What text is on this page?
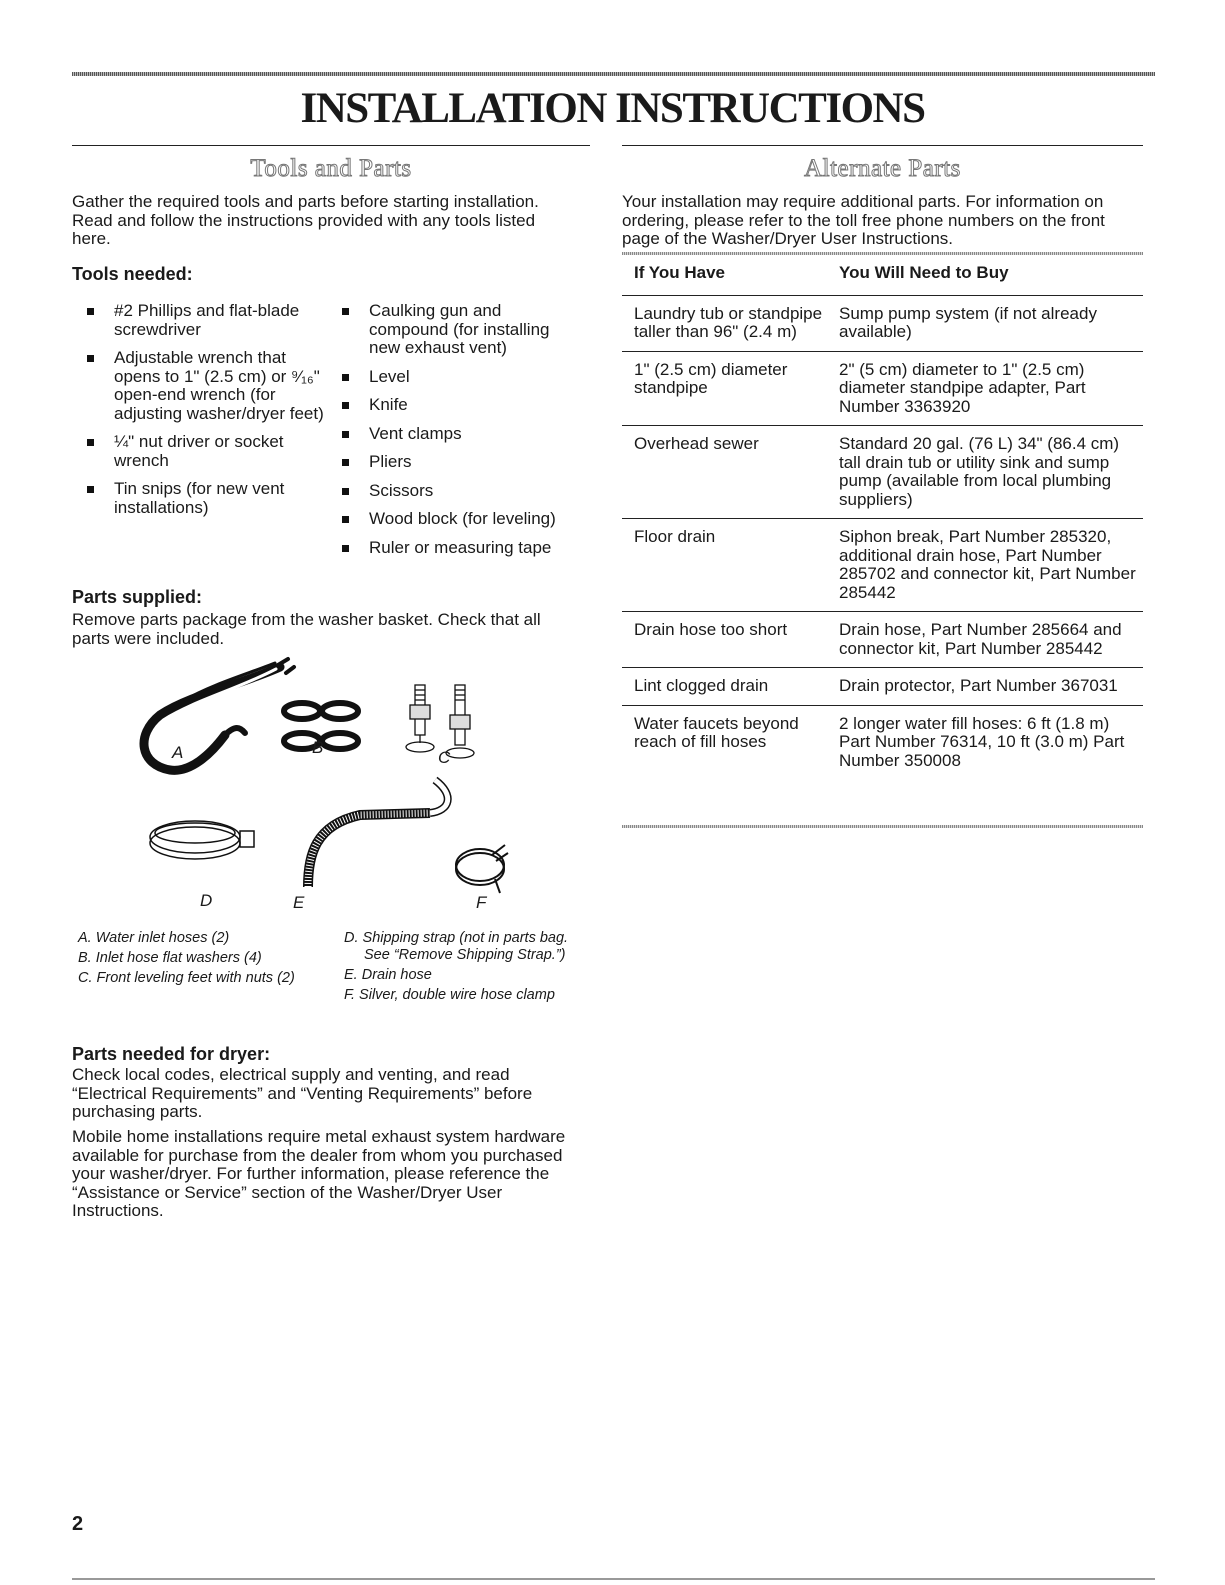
INSTALLATION INSTRUCTIONS
Tools and Parts

Gather the required tools and parts before starting installation. Read and follow the instructions provided with any tools listed here.

Tools needed:
#2 Phillips and flat-blade screwdriver
Adjustable wrench that opens to 1" (2.5 cm) or ⁹⁄₁₆" open-end wrench (for adjusting washer/dryer feet)
¼" nut driver or socket wrench
Tin snips (for new vent installations)
Caulking gun and compound (for installing new exhaust vent)
Level
Knife
Vent clamps
Pliers
Scissors
Wood block (for leveling)
Ruler or measuring tape
Parts supplied:

Remove parts package from the washer basket. Check that all parts were included.

A	B
C
D	E	F
A. Water inlet hoses (2)
B. Inlet hose flat washers (4)
C. Front leveling feet with nuts (2)
D. Shipping strap (not in parts bag. See “Remove Shipping Strap.”)
E. Drain hose
F. Silver, double wire hose clamp
Parts needed for dryer:

Check local codes, electrical supply and venting, and read “Electrical Requirements” and “Venting Requirements” before purchasing parts.

Mobile home installations require metal exhaust system hardware available for purchase from the dealer from whom you purchased your washer/dryer. For further information, please reference the “Assistance or Service” section of the Washer/Dryer User Instructions.

Alternate Parts

Your installation may require additional parts. For information on ordering, please refer to the toll free phone numbers on the front page of the Washer/Dryer User Instructions.

If You Have	You Will Need to Buy
Laundry tub or standpipe taller than 96" (2.4 m)	Sump pump system (if not already available)
1" (2.5 cm) diameter standpipe	2" (5 cm) diameter to 1" (2.5 cm) diameter standpipe adapter, Part Number 3363920
Overhead sewer	Standard 20 gal. (76 L) 34" (86.4 cm) tall drain tub or utility sink and sump pump (available from local plumbing suppliers)
Floor drain	Siphon break, Part Number 285320, additional drain hose, Part Number 285702 and connector kit, Part Number 285442
Drain hose too short	Drain hose, Part Number 285664 and connector kit, Part Number 285442
Lint clogged drain	Drain protector, Part Number 367031
Water faucets beyond reach of fill hoses	2 longer water fill hoses: 6 ft (1.8 m) Part Number 76314, 10 ft (3.0 m) Part Number 350008
2
